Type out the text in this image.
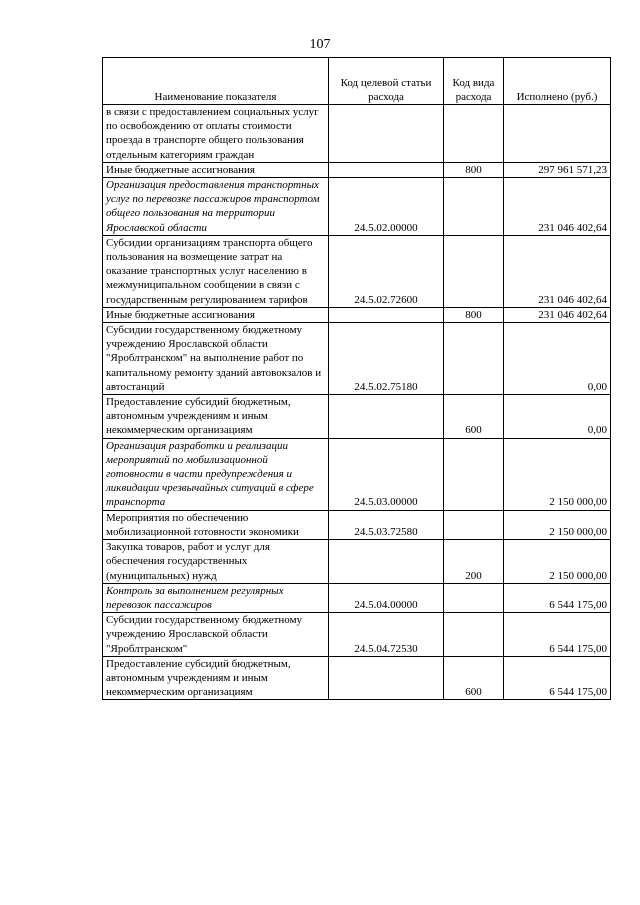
107
Наименование показателя	Код целевой статьи расхода	Код вида расхода	Исполнено (руб.)
в связи с предоставлением социальных услуг по освобождению от оплаты стоимости проезда в транспорте общего пользования отдельным категориям граждан			
Иные бюджетные ассигнования		800	297 961 571,23
Организация предоставления транспортных услуг по перевозке пассажиров транспортом общего пользования на территории Ярославской области	24.5.02.00000		231 046 402,64
Субсидии организациям транспорта общего пользования на возмещение затрат на оказание транспортных услуг населению в межмуниципальном сообщении в связи с государственным регулированием тарифов	24.5.02.72600		231 046 402,64
Иные бюджетные ассигнования		800	231 046 402,64
Субсидии государственному бюджетному учреждению Ярославской области "Яроблтранском" на выполнение работ по капитальному ремонту зданий автовокзалов и автостанций	24.5.02.75180		0,00
Предоставление субсидий бюджетным, автономным учреждениям и иным некоммерческим организациям		600	0,00
Организация разработки и реализации мероприятий по мобилизационной готовности в части предупреждения и ликвидации чрезвычайных ситуаций в сфере транспорта	24.5.03.00000		2 150 000,00
Мероприятия по обеспечению мобилизационной готовности экономики	24.5.03.72580		2 150 000,00
Закупка товаров, работ и услуг для обеспечения государственных (муниципальных) нужд		200	2 150 000,00
Контроль за выполнением регулярных перевозок пассажиров	24.5.04.00000		6 544 175,00
Субсидии государственному бюджетному учреждению Ярославской области "Яроблтранском"	24.5.04.72530		6 544 175,00
Предоставление субсидий бюджетным, автономным учреждениям и иным некоммерческим организациям		600	6 544 175,00
